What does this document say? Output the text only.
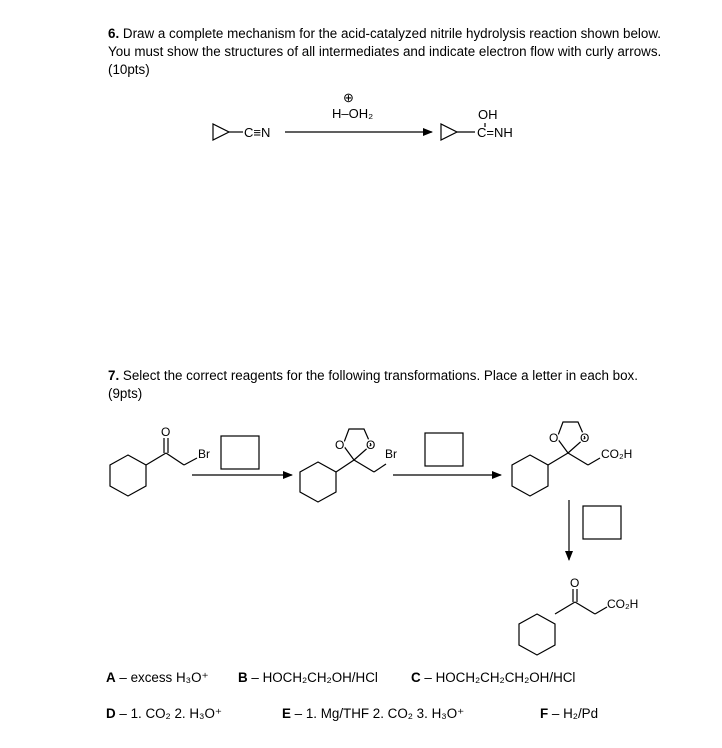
6. Draw a complete mechanism for the acid-catalyzed nitrile hydrolysis reaction shown below. You must show the structures of all intermediates and indicate electron flow with curly arrows. (10pts)
7. Select the correct reagents for the following transformations. Place a letter in each box. (9pts)
C≡N
⊕
H–OH₂	OH
C=NH
O
Br
O O
Br
O O
CO₂H
O
CO₂H
A – excess H₃O⁺ B – HOCH₂CH₂OH/HCl C – HOCH₂CH₂CH₂OH/HCl
D – 1. CO₂ 2. H₃O⁺	E – 1. Mg/THF 2. CO₂ 3. H₃O⁺	F – H₂/Pd
